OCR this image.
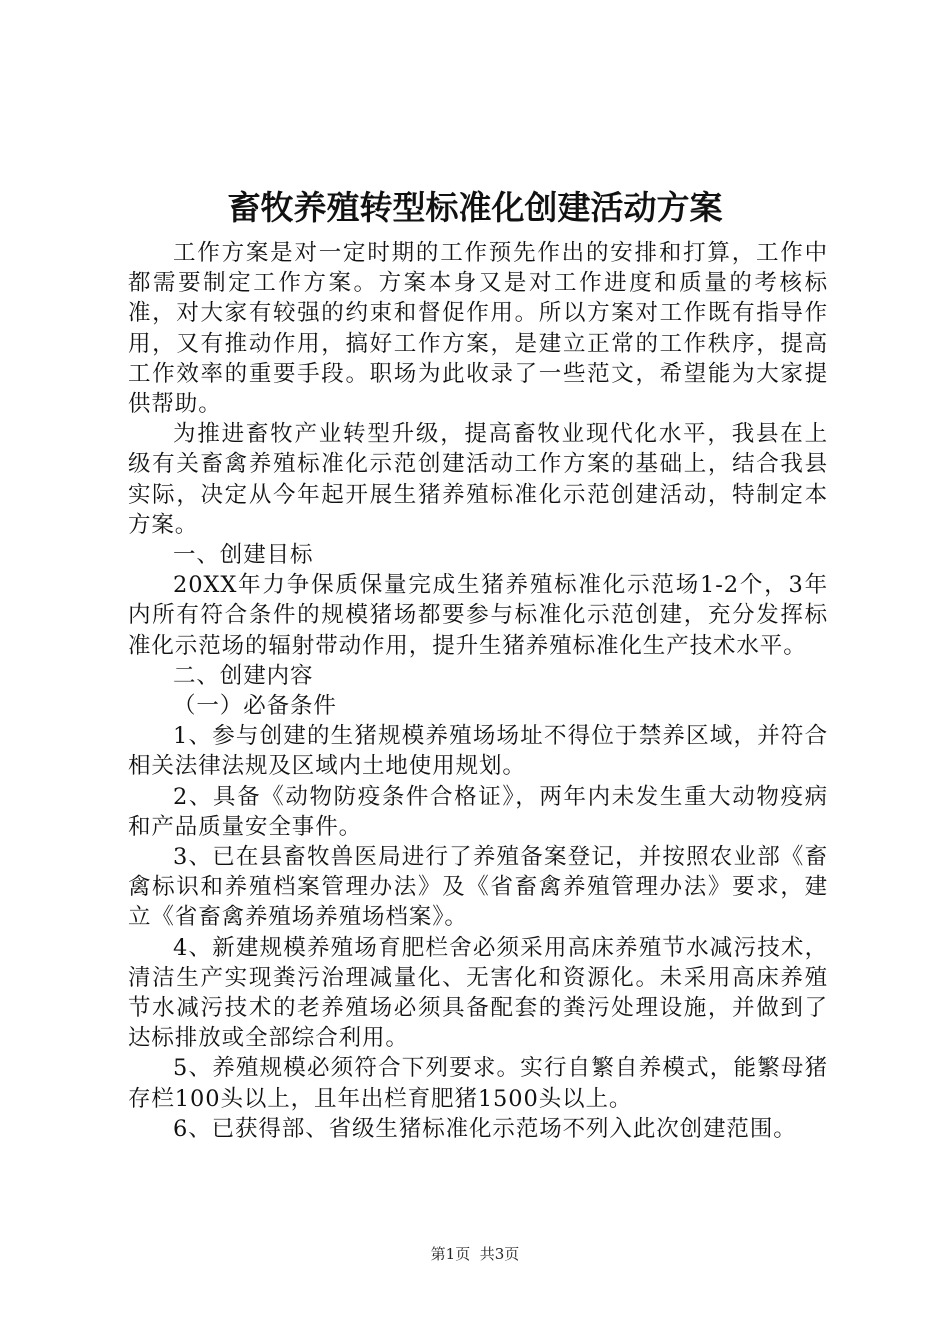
畜牧养殖转型标准化创建活动方案

工作方案是对一定时期的工作预先作出的安排和打算，工作中都需要制定工作方案。方案本身又是对工作进度和质量的考核标准，对大家有较强的约束和督促作用。所以方案对工作既有指导作用，又有推动作用，搞好工作方案，是建立正常的工作秩序，提高工作效率的重要手段。职场为此收录了一些范文，希望能为大家提供帮助。

为推进畜牧产业转型升级，提高畜牧业现代化水平，我县在上级有关畜禽养殖标准化示范创建活动工作方案的基础上，结合我县实际，决定从今年起开展生猪养殖标准化示范创建活动，特制定本方案。

一、创建目标

20XX年力争保质保量完成生猪养殖标准化示范场1-2个，3年内所有符合条件的规模猪场都要参与标准化示范创建，充分发挥标准化示范场的辐射带动作用，提升生猪养殖标准化生产技术水平。

二、创建内容

（一）必备条件

1、参与创建的生猪规模养殖场场址不得位于禁养区域，并符合相关法律法规及区域内土地使用规划。

2、具备《动物防疫条件合格证》，两年内未发生重大动物疫病和产品质量安全事件。

3、已在县畜牧兽医局进行了养殖备案登记，并按照农业部《畜禽标识和养殖档案管理办法》及《省畜禽养殖管理办法》要求，建立《省畜禽养殖场养殖场档案》。

4、新建规模养殖场育肥栏舍必须采用高床养殖节水减污技术，清洁生产实现粪污治理减量化、无害化和资源化。未采用高床养殖节水减污技术的老养殖场必须具备配套的粪污处理设施，并做到了达标排放或全部综合利用。

5、养殖规模必须符合下列要求。实行自繁自养模式，能繁母猪存栏100头以上，且年出栏育肥猪1500头以上。

6、已获得部、省级生猪标准化示范场不列入此次创建范围。

第1页 共3页
